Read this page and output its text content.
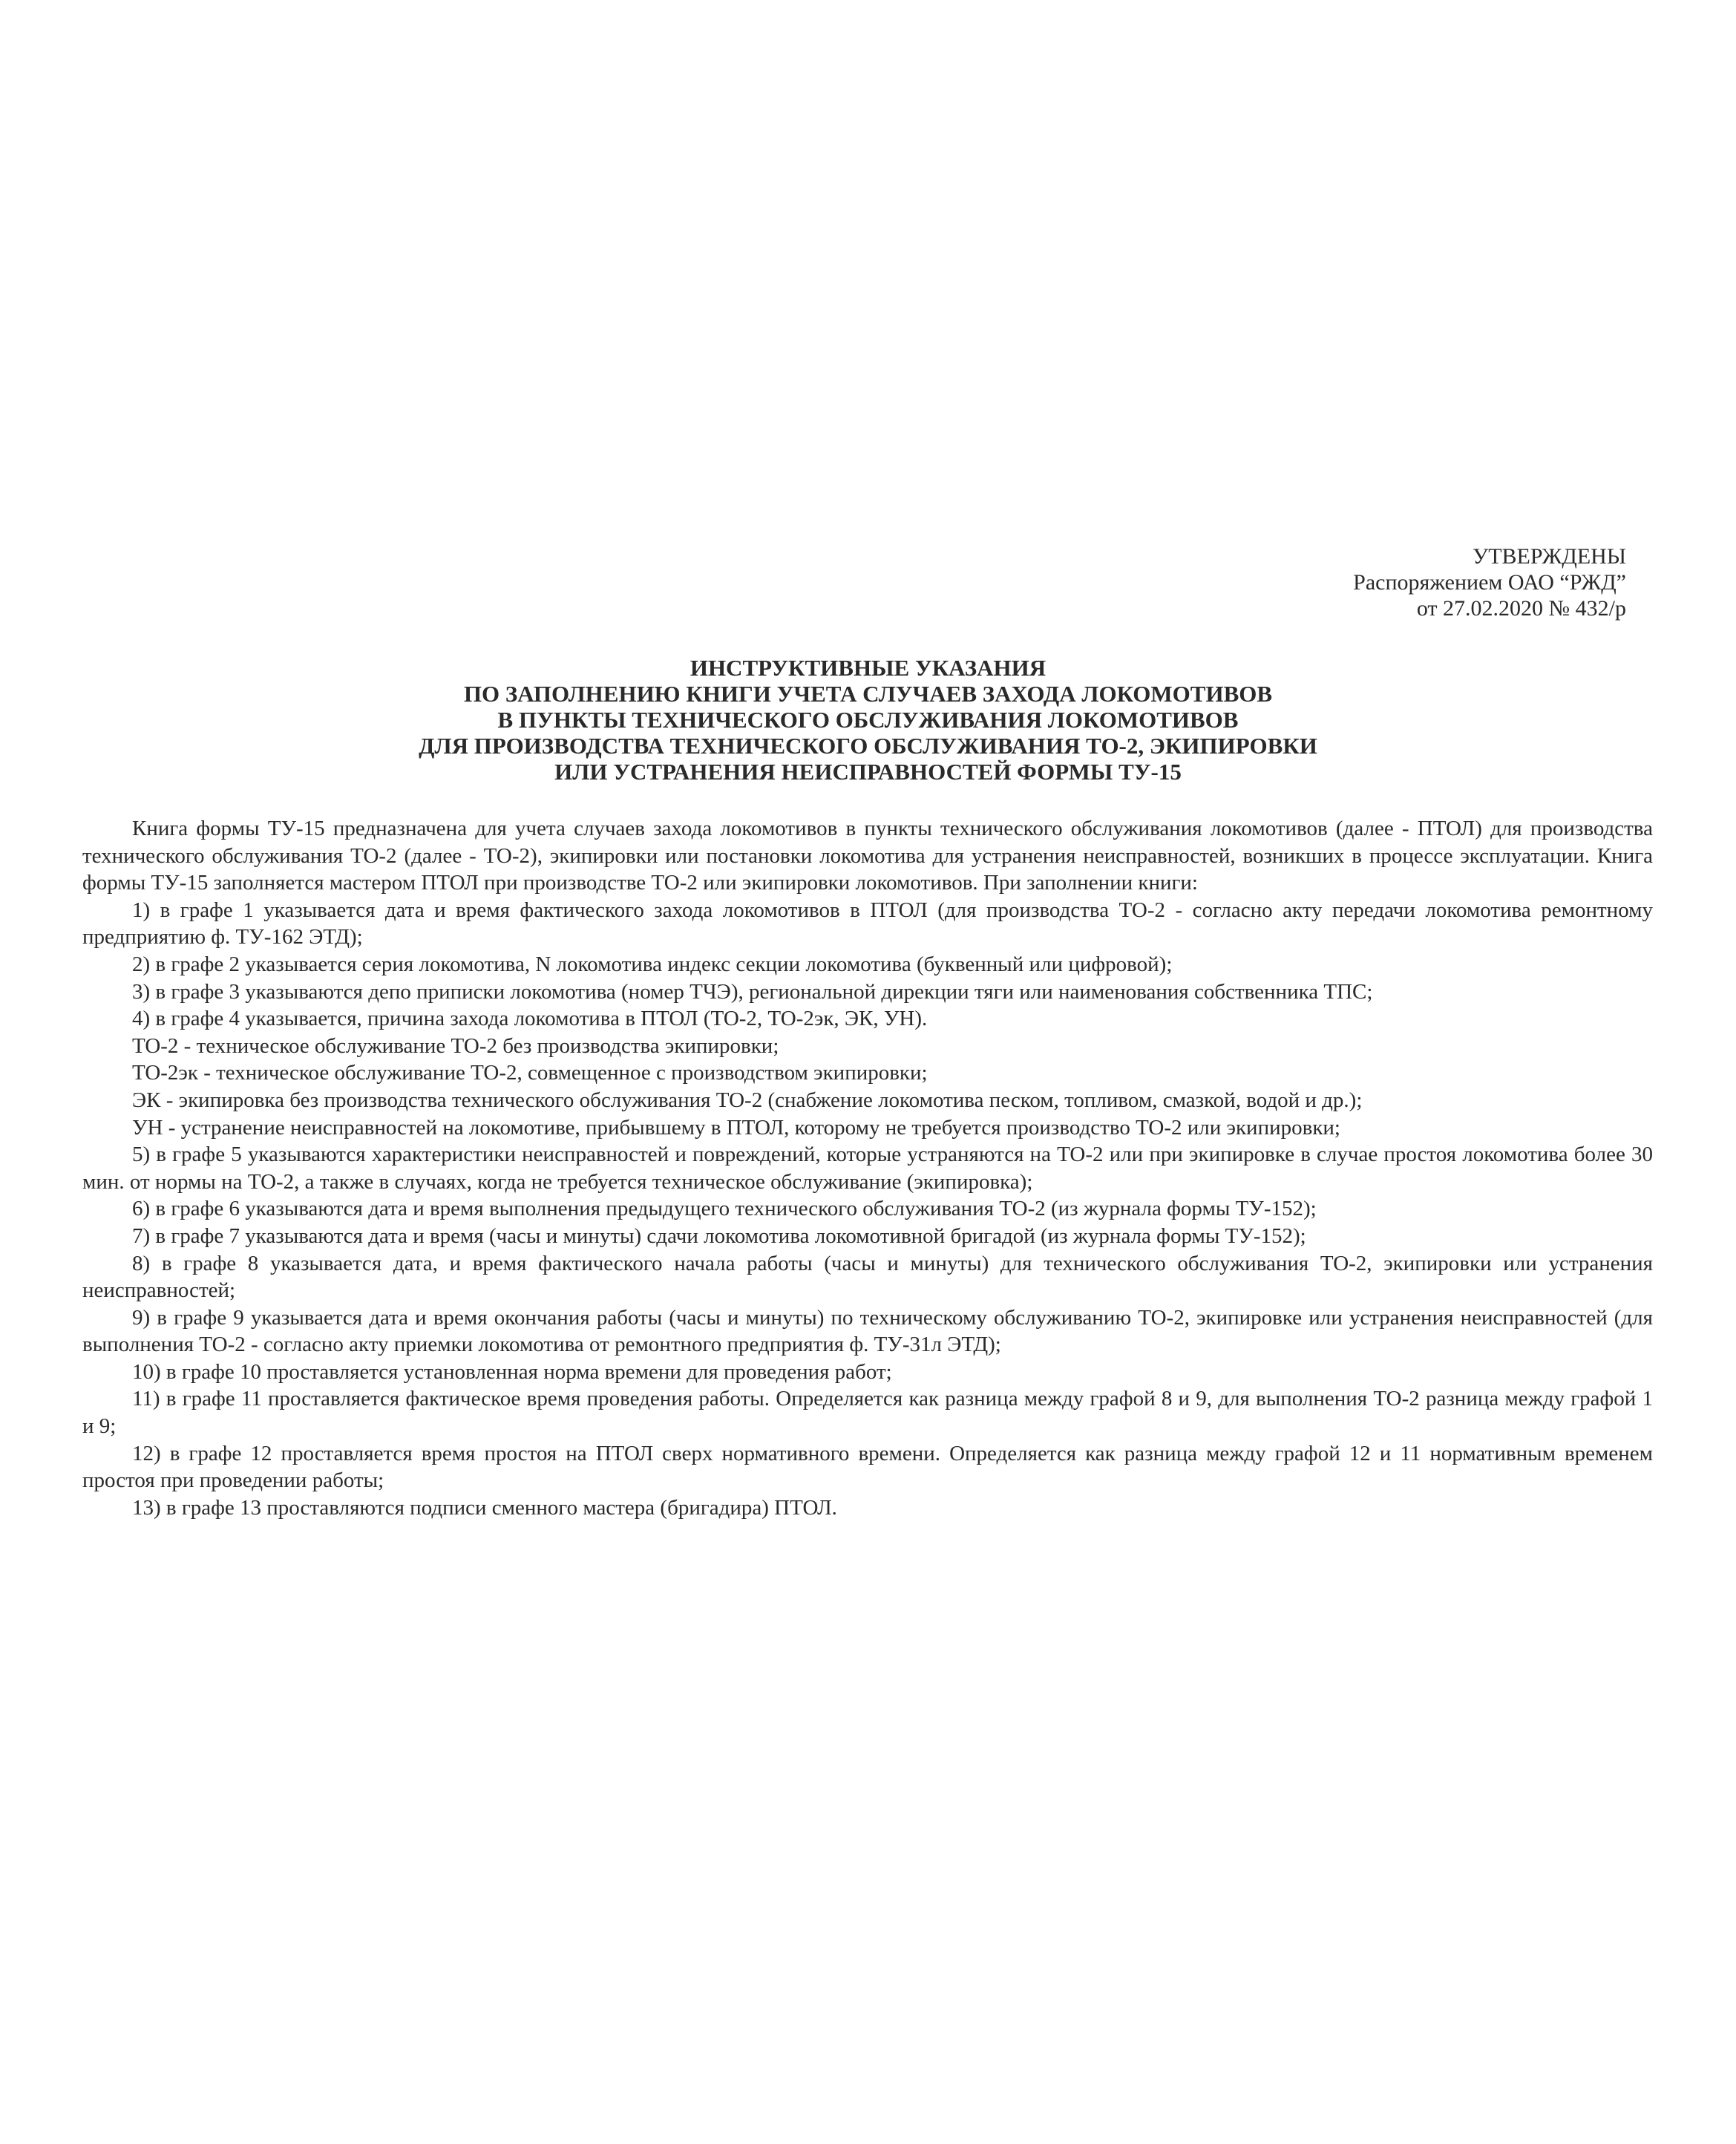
УТВЕРЖДЕНЫ
Распоряжением ОАО “РЖД”
от 27.02.2020 № 432/р
ИНСТРУКТИВНЫЕ УКАЗАНИЯ
ПО ЗАПОЛНЕНИЮ КНИГИ УЧЕТА СЛУЧАЕВ ЗАХОДА ЛОКОМОТИВОВ
В ПУНКТЫ ТЕХНИЧЕСКОГО ОБСЛУЖИВАНИЯ ЛОКОМОТИВОВ
ДЛЯ ПРОИЗВОДСТВА ТЕХНИЧЕСКОГО ОБСЛУЖИВАНИЯ ТО-2, ЭКИПИРОВКИ
ИЛИ УСТРАНЕНИЯ НЕИСПРАВНОСТЕЙ ФОРМЫ ТУ-15

Книга формы ТУ-15 предназначена для учета случаев захода локомотивов в пункты технического обслуживания локомотивов (далее - ПТОЛ) для производства технического обслуживания ТО-2 (далее - ТО-2), экипировки или постановки локомотива для устранения неисправностей, возникших в процессе эксплуатации. Книга формы ТУ-15 заполняется мастером ПТОЛ при производстве ТО-2 или экипировки локомотивов. При заполнении книги:

1) в графе 1 указывается дата и время фактического захода локомотивов в ПТОЛ (для производства ТО-2 - согласно акту передачи локомотива ремонтному предприятию ф. ТУ-162 ЭТД);

2) в графе 2 указывается серия локомотива, N локомотива индекс секции локомотива (буквенный или цифровой);

3) в графе 3 указываются депо приписки локомотива (номер ТЧЭ), региональной дирекции тяги или наименования собственника ТПС;

4) в графе 4 указывается, причина захода локомотива в ПТОЛ (ТО-2, ТО-2эк, ЭК, УН).

ТО-2 - техническое обслуживание ТО-2 без производства экипировки;

ТО-2эк - техническое обслуживание ТО-2, совмещенное с производством экипировки;

ЭК - экипировка без производства технического обслуживания ТО-2 (снабжение локомотива песком, топливом, смазкой, водой и др.);

УН - устранение неисправностей на локомотиве, прибывшему в ПТОЛ, которому не требуется производство ТО-2 или экипировки;

5) в графе 5 указываются характеристики неисправностей и повреждений, которые устраняются на ТО-2 или при экипировке в случае простоя локомотива более 30 мин. от нормы на ТО-2, а также в случаях, когда не требуется техническое обслуживание (экипировка);

6) в графе 6 указываются дата и время выполнения предыдущего технического обслуживания ТО-2 (из журнала формы ТУ-152);

7) в графе 7 указываются дата и время (часы и минуты) сдачи локомотива локомотивной бригадой (из журнала формы ТУ-152);

8) в графе 8 указывается дата, и время фактического начала работы (часы и минуты) для технического обслуживания ТО-2, экипировки или устранения неисправностей;

9) в графе 9 указывается дата и время окончания работы (часы и минуты) по техническому обслуживанию ТО-2, экипировке или устранения неисправностей (для выполнения ТО-2 - согласно акту приемки локомотива от ремонтного предприятия ф. ТУ-31л ЭТД);

10) в графе 10 проставляется установленная норма времени для проведения работ;

11) в графе 11 проставляется фактическое время проведения работы. Определяется как разница между графой 8 и 9, для выполнения ТО-2 разница между графой 1 и 9;

12) в графе 12 проставляется время простоя на ПТОЛ сверх нормативного времени. Определяется как разница между графой 12 и 11 нормативным временем простоя при проведении работы;

13) в графе 13 проставляются подписи сменного мастера (бригадира) ПТОЛ.
